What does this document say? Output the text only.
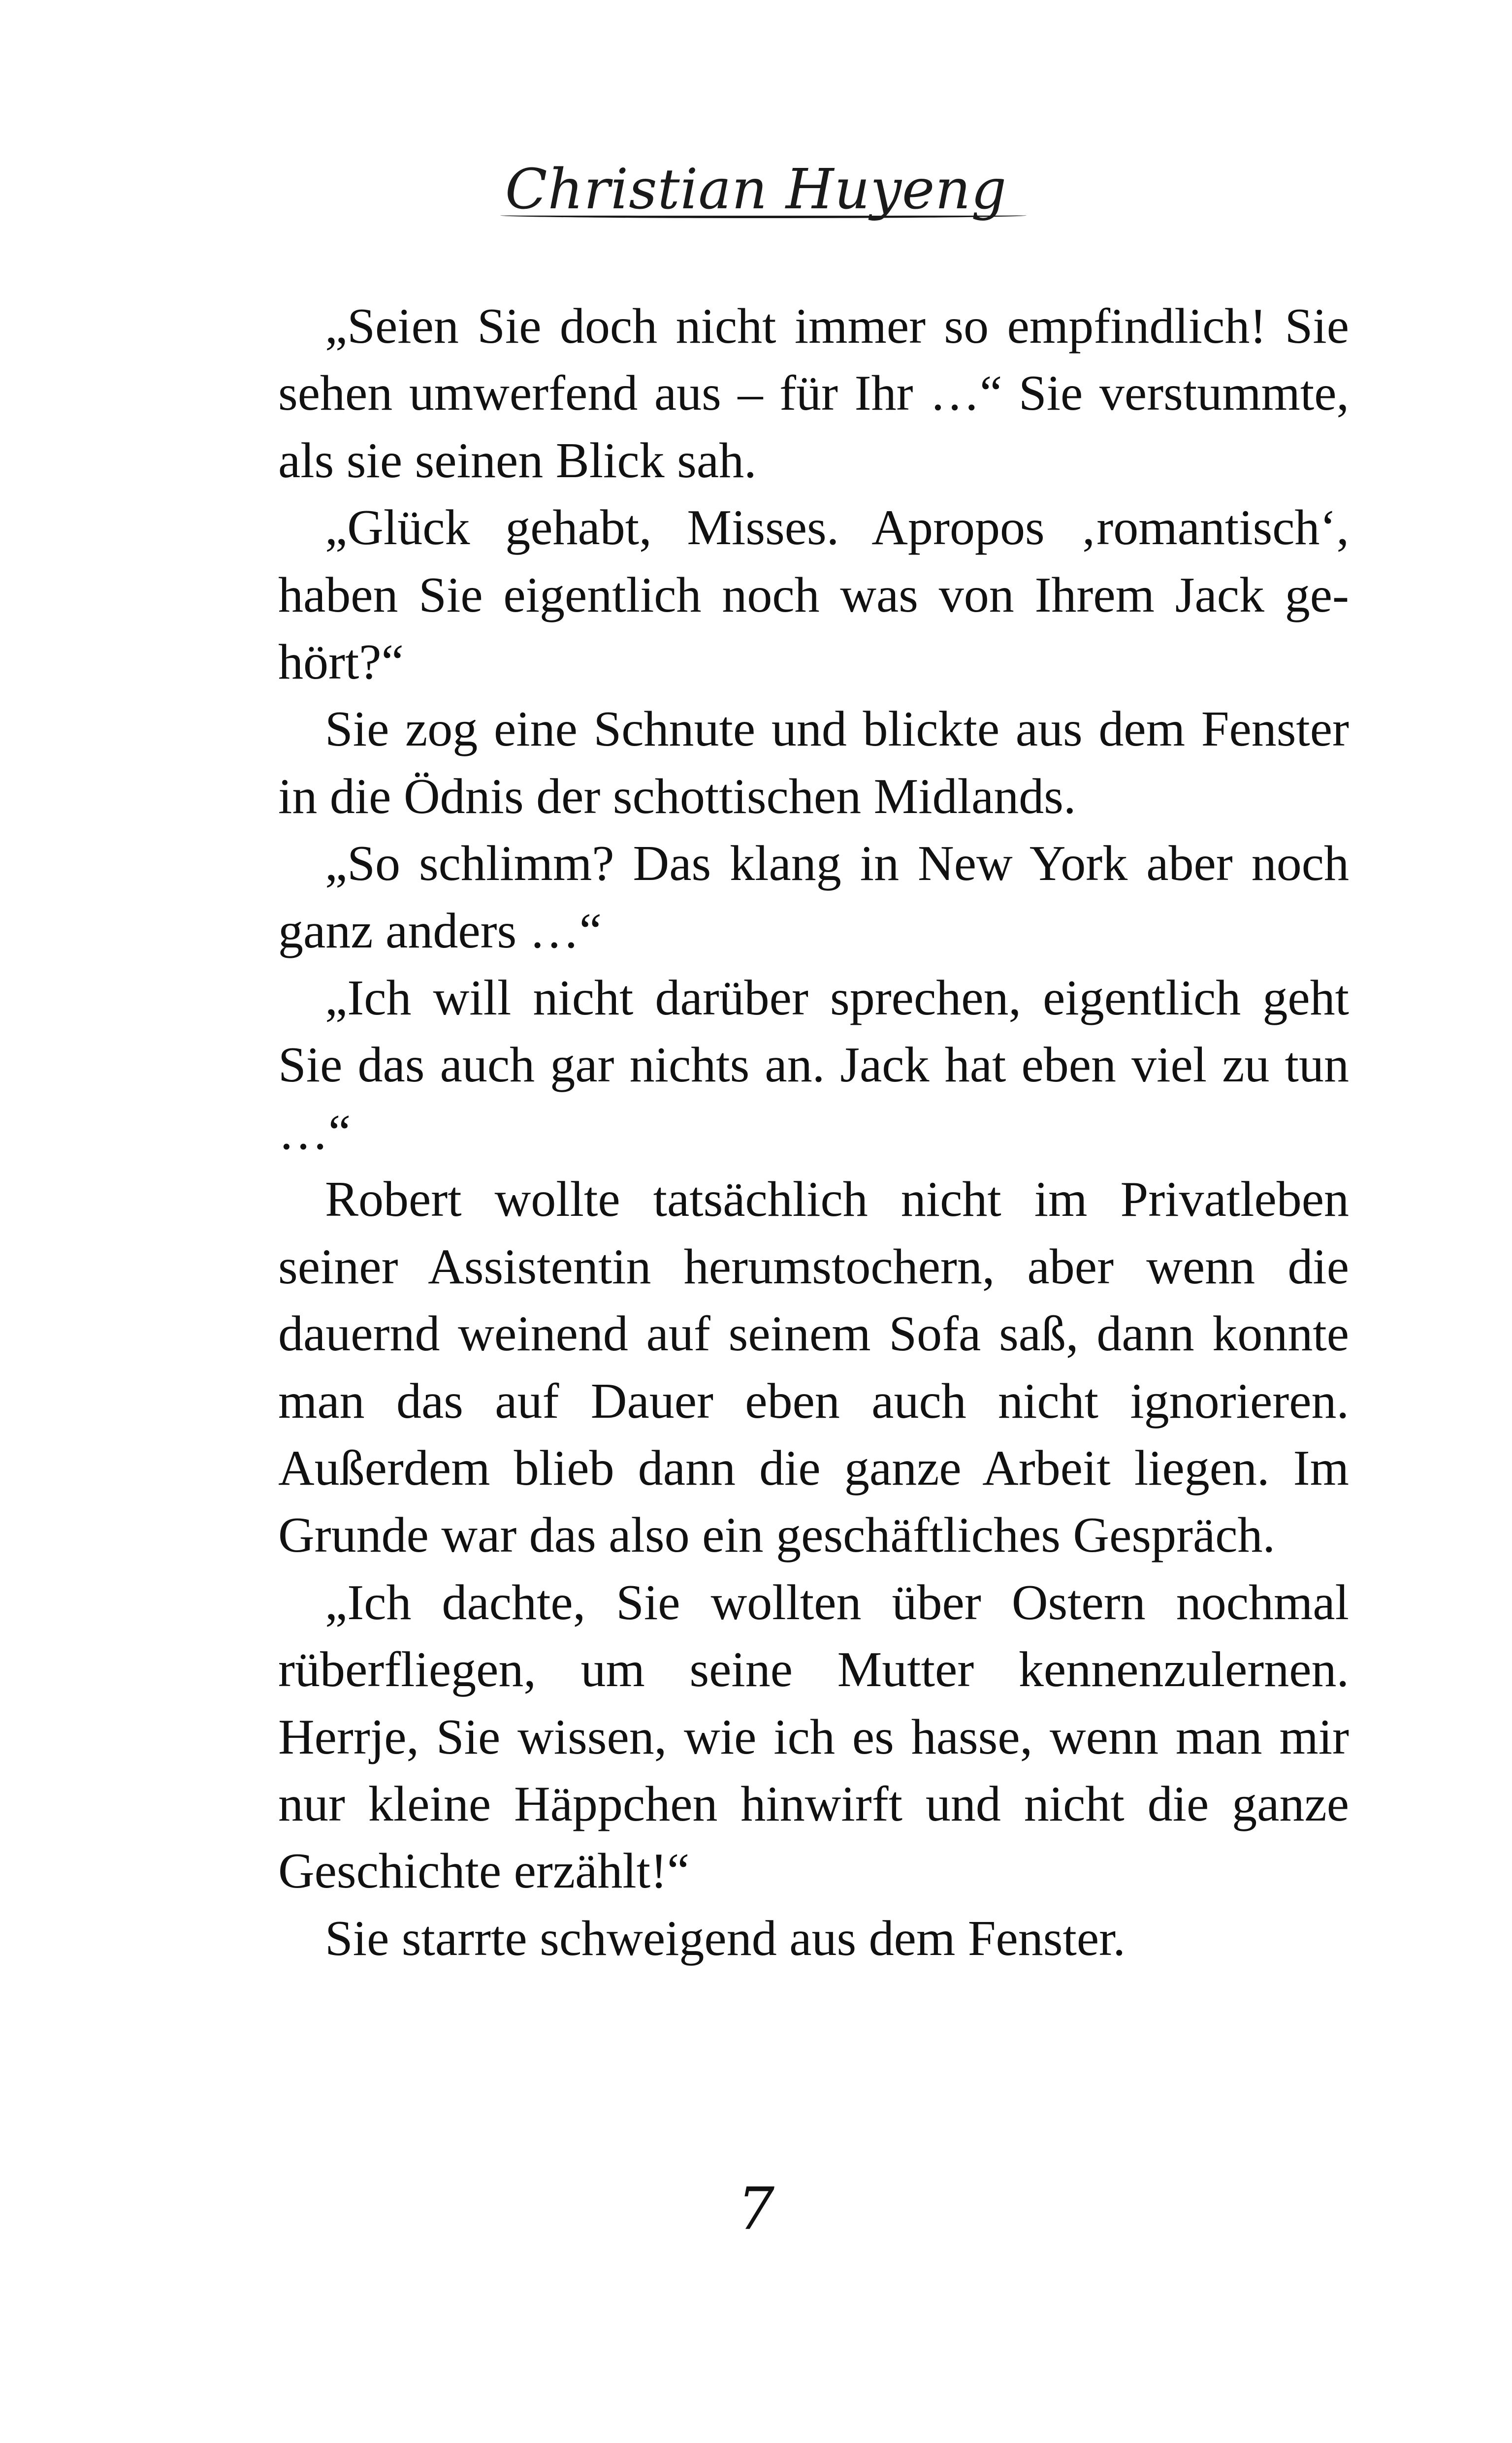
Christian Huyeng

„Seien Sie doch nicht immer so empfindlich! Sie sehen umwerfend aus – für Ihr …“ Sie verstummte, als sie seinen Blick sah.

„Glück gehabt, Misses. Apropos ‚romantisch‘, haben Sie eigentlich noch was von Ihrem Jack gehört?“

Sie zog eine Schnute und blickte aus dem Fenster in die Ödnis der schottischen Midlands.

„So schlimm? Das klang in New York aber noch ganz anders …“

„Ich will nicht darüber sprechen, eigentlich geht Sie das auch gar nichts an. Jack hat eben viel zu tun …“

Robert wollte tatsächlich nicht im Privatleben seiner Assistentin herumstochern, aber wenn die dauernd weinend auf seinem Sofa saß, dann konnte man das auf Dauer eben auch nicht ignorieren. Außerdem blieb dann die ganze Arbeit liegen. Im Grunde war das also ein geschäftliches Gespräch.

„Ich dachte, Sie wollten über Ostern nochmal rüberfliegen, um seine Mutter kennenzulernen. Herrje, Sie wissen, wie ich es hasse, wenn man mir nur kleine Häppchen hinwirft und nicht die ganze Geschichte erzählt!“

Sie starrte schweigend aus dem Fenster.

7
